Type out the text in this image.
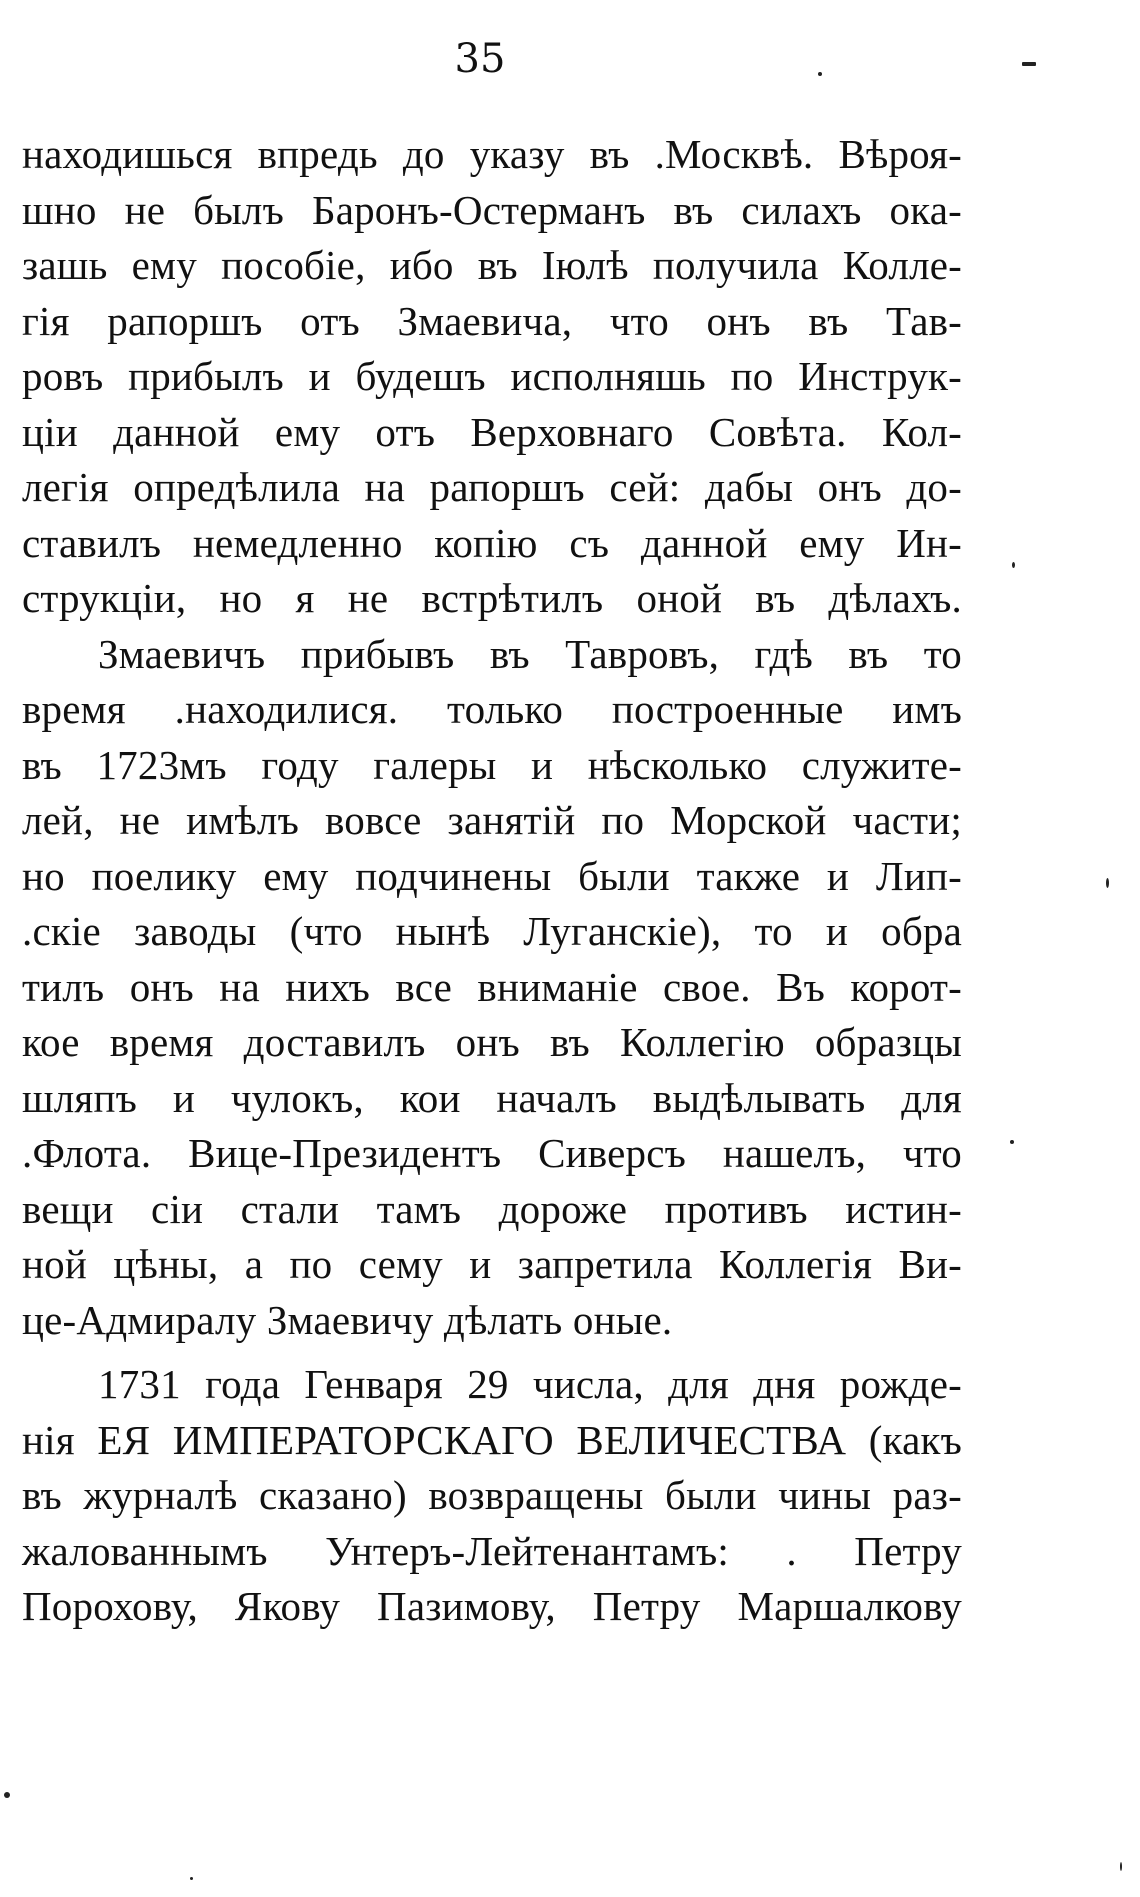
35
находишься впредь до указу въ .Москвѣ. Вѣроя-
шно не былъ Баронъ-Остерманъ въ силахъ ока-
зашь ему пособіе, ибо въ Іюлѣ получила Колле-
гія рапоршъ отъ Змаевича, что онъ въ Тав-
ровъ прибылъ и будешъ исполняшь по Инструк-
ціи данной ему отъ Верховнаго Совѣта. Кол-
легія опредѣлила на рапоршъ сей: дабы онъ до-
ставилъ немедленно копію съ данной ему Ин-
струкціи, но я не встрѣтилъ оной въ дѣлахъ.
Змаевичъ прибывъ въ Тавровъ, гдѣ въ то
время .находилися. только построенные имъ
въ 1723мъ году галеры и нѣсколько служите-
лей, не имѣлъ вовсе занятій по Морской части;
но поелику ему подчинены были также и Лип-
.скіе заводы (что нынѣ Луганскіе), то и обра
тилъ онъ на нихъ все вниманіе свое. Въ корот-
кое время доставилъ онъ въ Коллегію образцы
шляпъ и чулокъ, кои началъ выдѣлывать для
.Флота. Вице-Президентъ Сиверсъ нашелъ, что
вещи сіи стали тамъ дороже противъ истин-
ной цѣны, а по сему и запретила Коллегія Ви-
це-Адмиралу Змаевичу дѣлать оные.
1731 года Генваря 29 числа, для дня рожде-
нія ЕЯ ИМПЕРАТОРСКАГО ВЕЛИЧЕСТВА (какъ
въ журналѣ сказано) возвращены были чины раз-
жалованнымъ Унтеръ-Лейтенантамъ: . Петру
Порохову, Якову Пазимову, Петру Маршалкову
